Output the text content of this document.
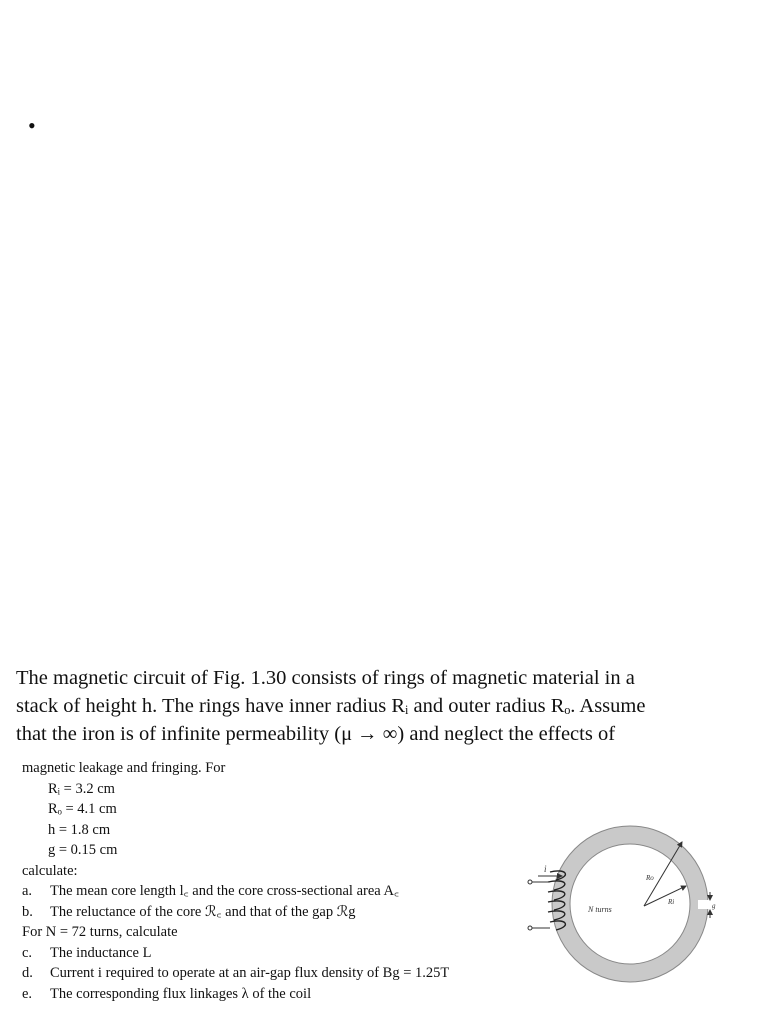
•
The magnetic circuit of Fig. 1.30 consists of rings of magnetic material in a
stack of height h. The rings have inner radius Rᵢ and outer radius Rₒ. Assume
that the iron is of infinite permeability (μ → ∞) and neglect the effects of
magnetic leakage and fringing. For
Rᵢ = 3.2 cm
Rₒ = 4.1 cm
h = 1.8 cm
g = 0.15 cm
calculate:
a. The mean core length l꜀ and the core cross-sectional area A꜀
b. The reluctance of the core ℛ꜀ and that of the gap ℛg
For N = 72 turns, calculate
c. The inductance L
d. Current i required to operate at an air-gap flux density of Bg = 1.25T
e. The corresponding flux linkages λ of the coil
i
N turns
Ro
Ri	g
